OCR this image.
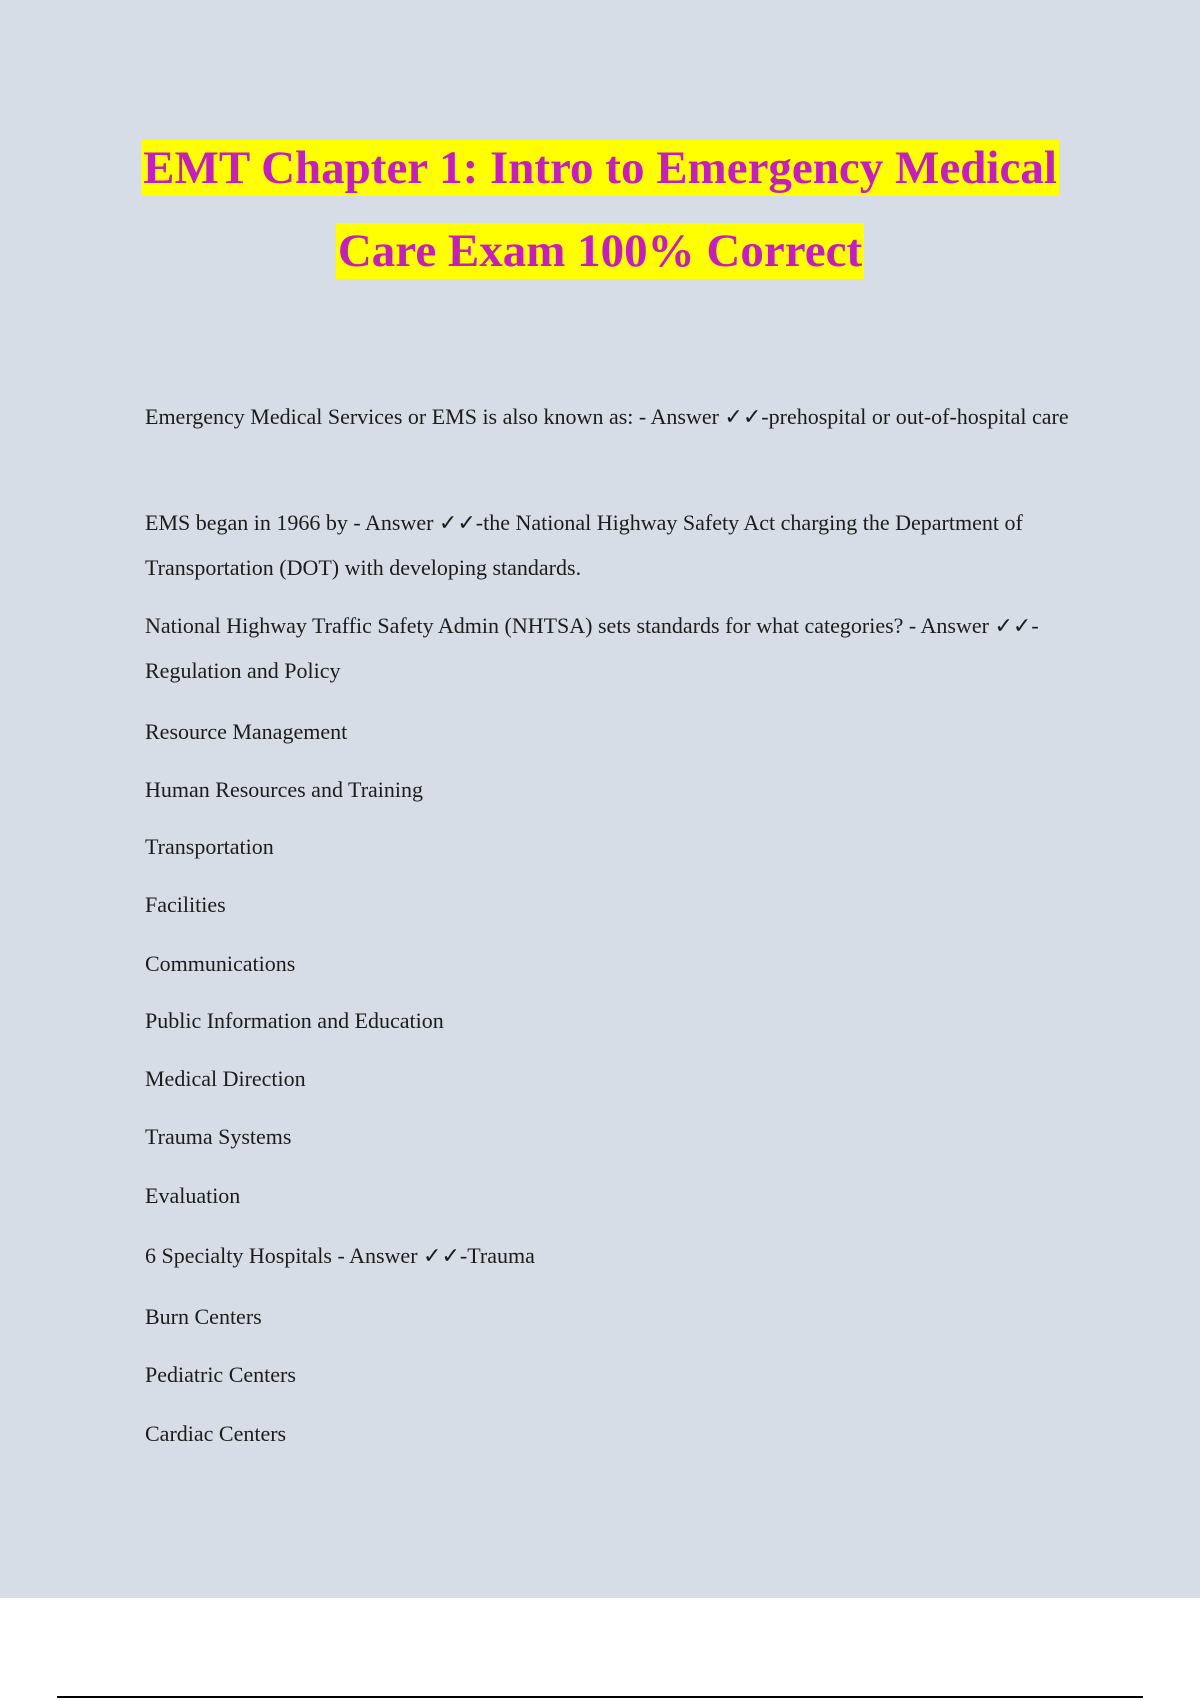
EMT Chapter 1: Intro to Emergency Medical
Care Exam 100% Correct

Emergency Medical Services or EMS is also known as: - Answer ✓✓-prehospital or out-of-hospital care

EMS began in 1966 by - Answer ✓✓-the National Highway Safety Act charging the Department of Transportation (DOT) with developing standards.

National Highway Traffic Safety Admin (NHTSA) sets standards for what categories? - Answer ✓✓-Regulation and Policy

Resource Management

Human Resources and Training

Transportation

Facilities

Communications

Public Information and Education

Medical Direction

Trauma Systems

Evaluation

6 Specialty Hospitals - Answer ✓✓-Trauma

Burn Centers

Pediatric Centers

Cardiac Centers
